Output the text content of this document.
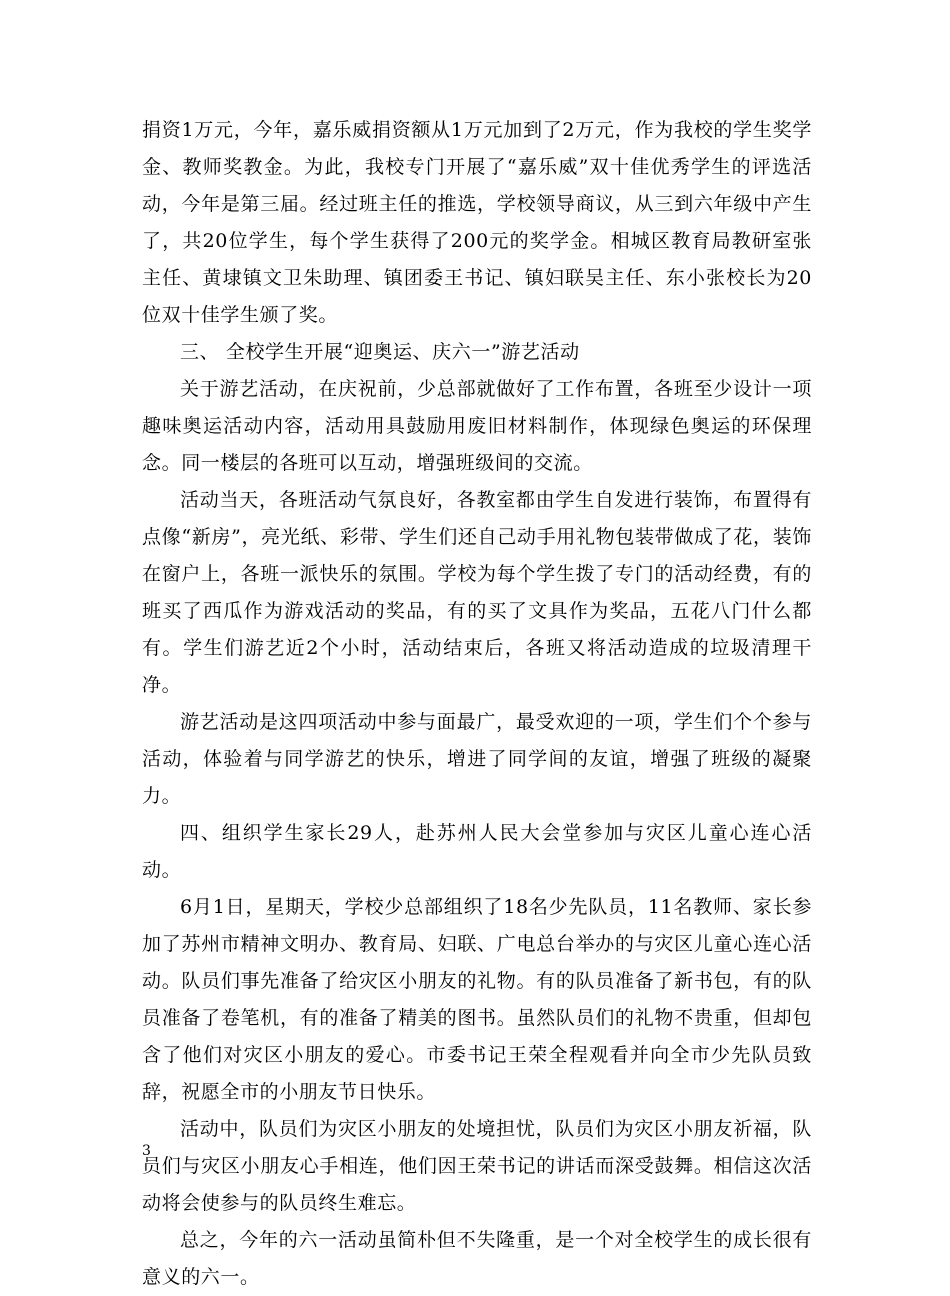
捐资1万元，今年，嘉乐威捐资额从1万元加到了2万元，作为我校的学生奖学金、教师奖教金。为此，我校专门开展了“嘉乐威”双十佳优秀学生的评选活动，今年是第三届。经过班主任的推选，学校领导商议，从三到六年级中产生了，共20位学生，每个学生获得了200元的奖学金。相城区教育局教研室张主任、黄埭镇文卫朱助理、镇团委王书记、镇妇联吴主任、东小张校长为20位双十佳学生颁了奖。

三、 全校学生开展“迎奥运、庆六一”游艺活动

关于游艺活动，在庆祝前，少总部就做好了工作布置，各班至少设计一项趣味奥运活动内容，活动用具鼓励用废旧材料制作，体现绿色奥运的环保理念。同一楼层的各班可以互动，增强班级间的交流。

活动当天，各班活动气氛良好，各教室都由学生自发进行装饰，布置得有点像“新房”，亮光纸、彩带、学生们还自己动手用礼物包装带做成了花，装饰在窗户上，各班一派快乐的氛围。学校为每个学生拨了专门的活动经费，有的班买了西瓜作为游戏活动的奖品，有的买了文具作为奖品，五花八门什么都有。学生们游艺近2个小时，活动结束后，各班又将活动造成的垃圾清理干净。

游艺活动是这四项活动中参与面最广，最受欢迎的一项，学生们个个参与活动，体验着与同学游艺的快乐，增进了同学间的友谊，增强了班级的凝聚力。

四、组织学生家长29人，赴苏州人民大会堂参加与灾区儿童心连心活动。

6月1日，星期天，学校少总部组织了18名少先队员，11名教师、家长参加了苏州市精神文明办、教育局、妇联、广电总台举办的与灾区儿童心连心活动。队员们事先准备了给灾区小朋友的礼物。有的队员准备了新书包，有的队员准备了卷笔机，有的准备了精美的图书。虽然队员们的礼物不贵重，但却包含了他们对灾区小朋友的爱心。市委书记王荣全程观看并向全市少先队员致辞，祝愿全市的小朋友节日快乐。

活动中，队员们为灾区小朋友的处境担忧，队员们为灾区小朋友祈福，队员们与灾区小朋友心手相连，他们因王荣书记的讲话而深受鼓舞。相信这次活动将会使参与的队员终生难忘。

总之，今年的六一活动虽简朴但不失隆重，是一个对全校学生的成长很有意义的六一。

3
